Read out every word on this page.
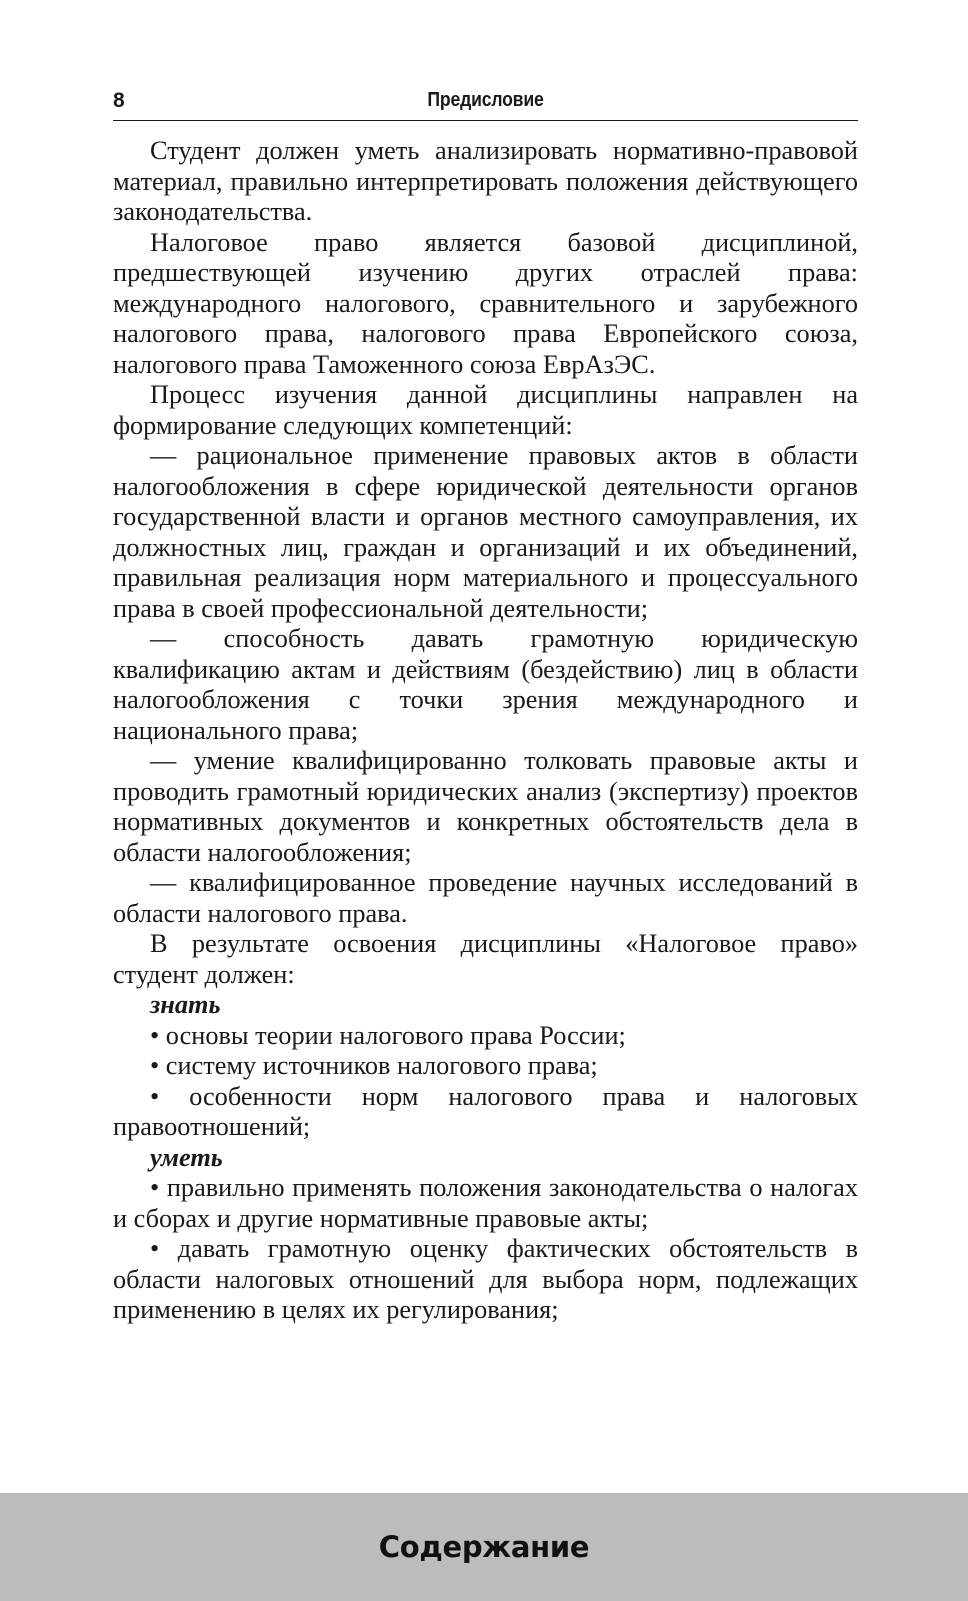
8	Предисловие

Студент должен уметь анализировать нормативно-правовой материал, правильно интерпретировать положения действующего законодательства.

Налоговое право является базовой дисциплиной, предшествующей изучению других отраслей права: международного налогового, сравнительного и зарубежного налогового права, налогового права Европейского союза, налогового права Таможенного союза ЕврАзЭС.

Процесс изучения данной дисциплины направлен на формирование следующих компетенций:

— рациональное применение правовых актов в области налогообложения в сфере юридической деятельности органов государственной власти и органов местного самоуправления, их должностных лиц, граждан и организаций и их объединений, правильная реализация норм материального и процессуального права в своей профессиональной деятельности;

— способность давать грамотную юридическую квалификацию актам и действиям (бездействию) лиц в области налогообложения с точки зрения международного и национального права;

— умение квалифицированно толковать правовые акты и проводить грамотный юридических анализ (экспертизу) проектов нормативных документов и конкретных обстоятельств дела в области налогообложения;

— квалифицированное проведение научных исследований в области налогового права.

В результате освоения дисциплины «Налоговое право» студент должен:

знать

• основы теории налогового права России;

• систему источников налогового права;

• особенности норм налогового права и налоговых правоотношений;

уметь

• правильно применять положения законодательства о налогах и сборах и другие нормативные правовые акты;

• давать грамотную оценку фактических обстоятельств в области налоговых отношений для выбора норм, подлежащих применению в целях их регулирования;

Содержание
